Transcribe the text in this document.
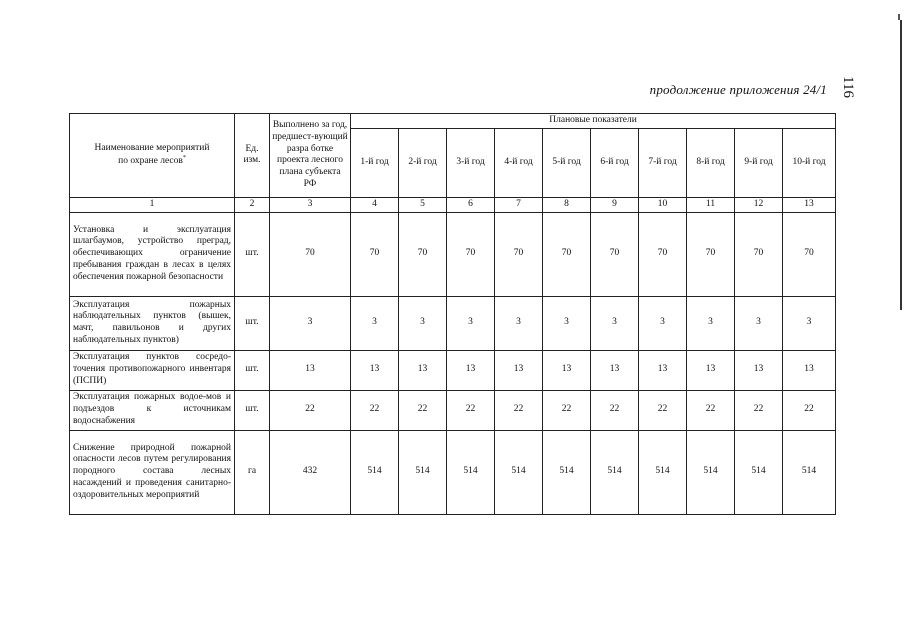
116
продолжение приложения 24/1
Наименование мероприятий
по охране лесов*	Ед. изм.	Выполнено за год, предшест-вующий разра ботке проекта лесного плана субъекта РФ	Плановые показатели									
			1-й год	2-й год	3-й год	4-й год	5-й год	6-й год	7-й год	8-й год	9-й год	10-й год
1	2	3	4	5	6	7	8	9	10	11	12	13
Установка и эксплуатация шлагбаумов, устройство преград, обеспечивающих ограничение пребывания граждан в лесах в целях обеспечения пожарной безопасности	шт.	70	70	70	70	70	70	70	70	70	70	70
Эксплуатация пожарных наблюдательных пунктов (вышек, мачт, павильонов и других наблюдательных пунктов)	шт.	3	3	3	3	3	3	3	3	3	3	3
Эксплуатация пунктов сосредо-точения противопожарного инвентаря (ПСПИ)	шт.	13	13	13	13	13	13	13	13	13	13	13
Эксплуатация пожарных водое-мов и подъездов к источникам водоснабжения	шт.	22	22	22	22	22	22	22	22	22	22	22
Снижение природной пожарной опасности лесов путем регулирования породного состава лесных насаждений и проведения санитарно- оздоровительных мероприятий	га	432	514	514	514	514	514	514	514	514	514	514
